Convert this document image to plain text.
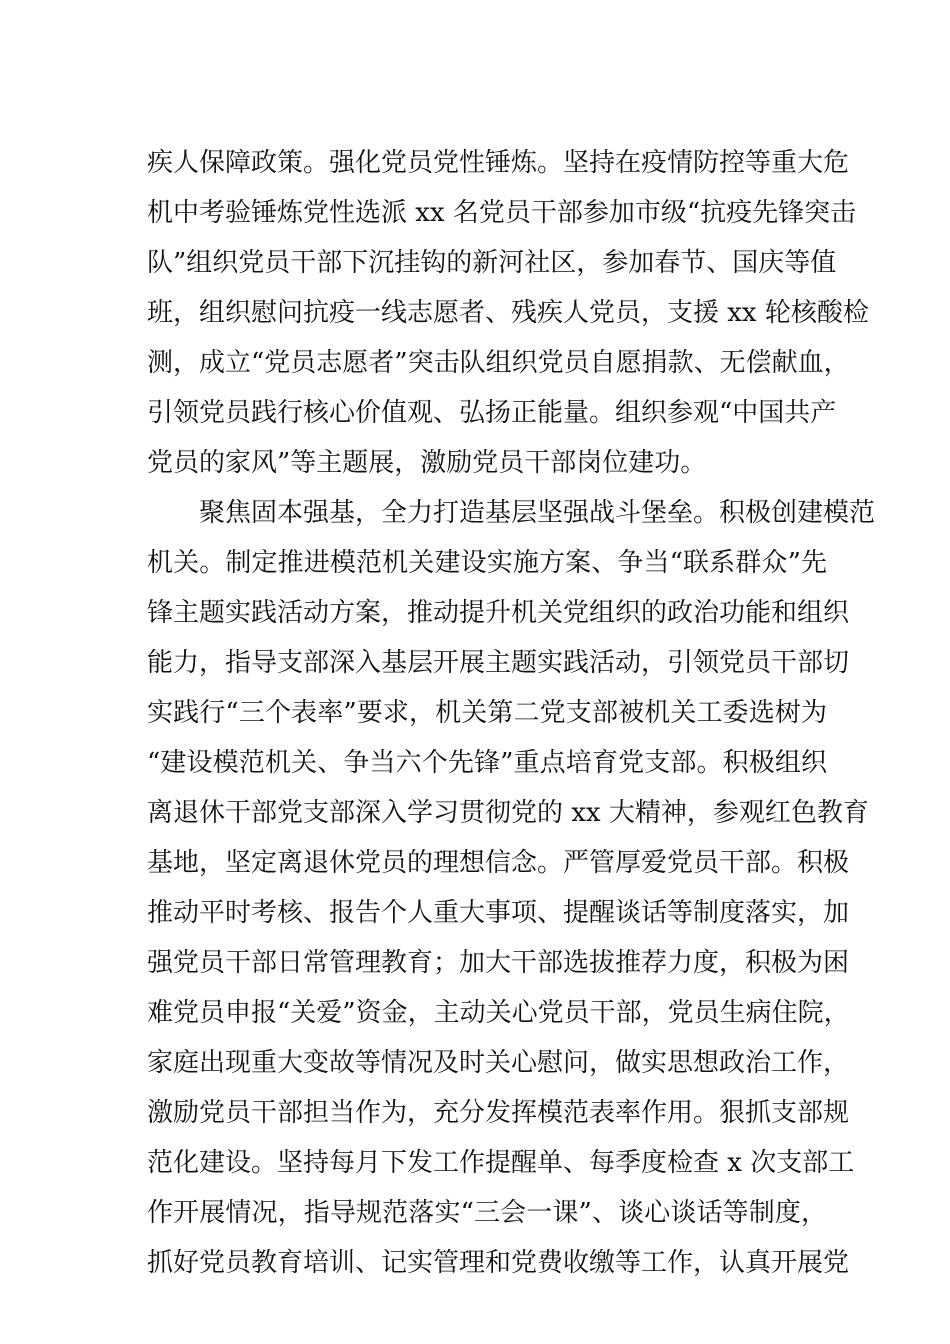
疾人保障政策。强化党员党性锤炼。坚持在疫情防控等重大危
机中考验锤炼党性选派 xx 名党员干部参加市级“抗疫先锋突击
队”组织党员干部下沉挂钩的新河社区，参加春节、国庆等值
班，组织慰问抗疫一线志愿者、残疾人党员，支援 xx 轮核酸检
测，成立“党员志愿者”突击队组织党员自愿捐款、无偿献血，
引领党员践行核心价值观、弘扬正能量。组织参观“中国共产
党员的家风”等主题展，激励党员干部岗位建功。
聚焦固本强基，全力打造基层坚强战斗堡垒。积极创建模范
机关。制定推进模范机关建设实施方案、争当“联系群众”先
锋主题实践活动方案，推动提升机关党组织的政治功能和组织
能力，指导支部深入基层开展主题实践活动，引领党员干部切
实践行“三个表率”要求，机关第二党支部被机关工委选树为
“建设模范机关、争当六个先锋”重点培育党支部。积极组织
离退休干部党支部深入学习贯彻党的 xx 大精神，参观红色教育
基地，坚定离退休党员的理想信念。严管厚爱党员干部。积极
推动平时考核、报告个人重大事项、提醒谈话等制度落实，加
强党员干部日常管理教育；加大干部选拔推荐力度，积极为困
难党员申报“关爱”资金，主动关心党员干部，党员生病住院，
家庭出现重大变故等情况及时关心慰问，做实思想政治工作，
激励党员干部担当作为，充分发挥模范表率作用。狠抓支部规
范化建设。坚持每月下发工作提醒单、每季度检查 x 次支部工
作开展情况，指导规范落实“三会一课”、谈心谈话等制度，
抓好党员教育培训、记实管理和党费收缴等工作，认真开展党
